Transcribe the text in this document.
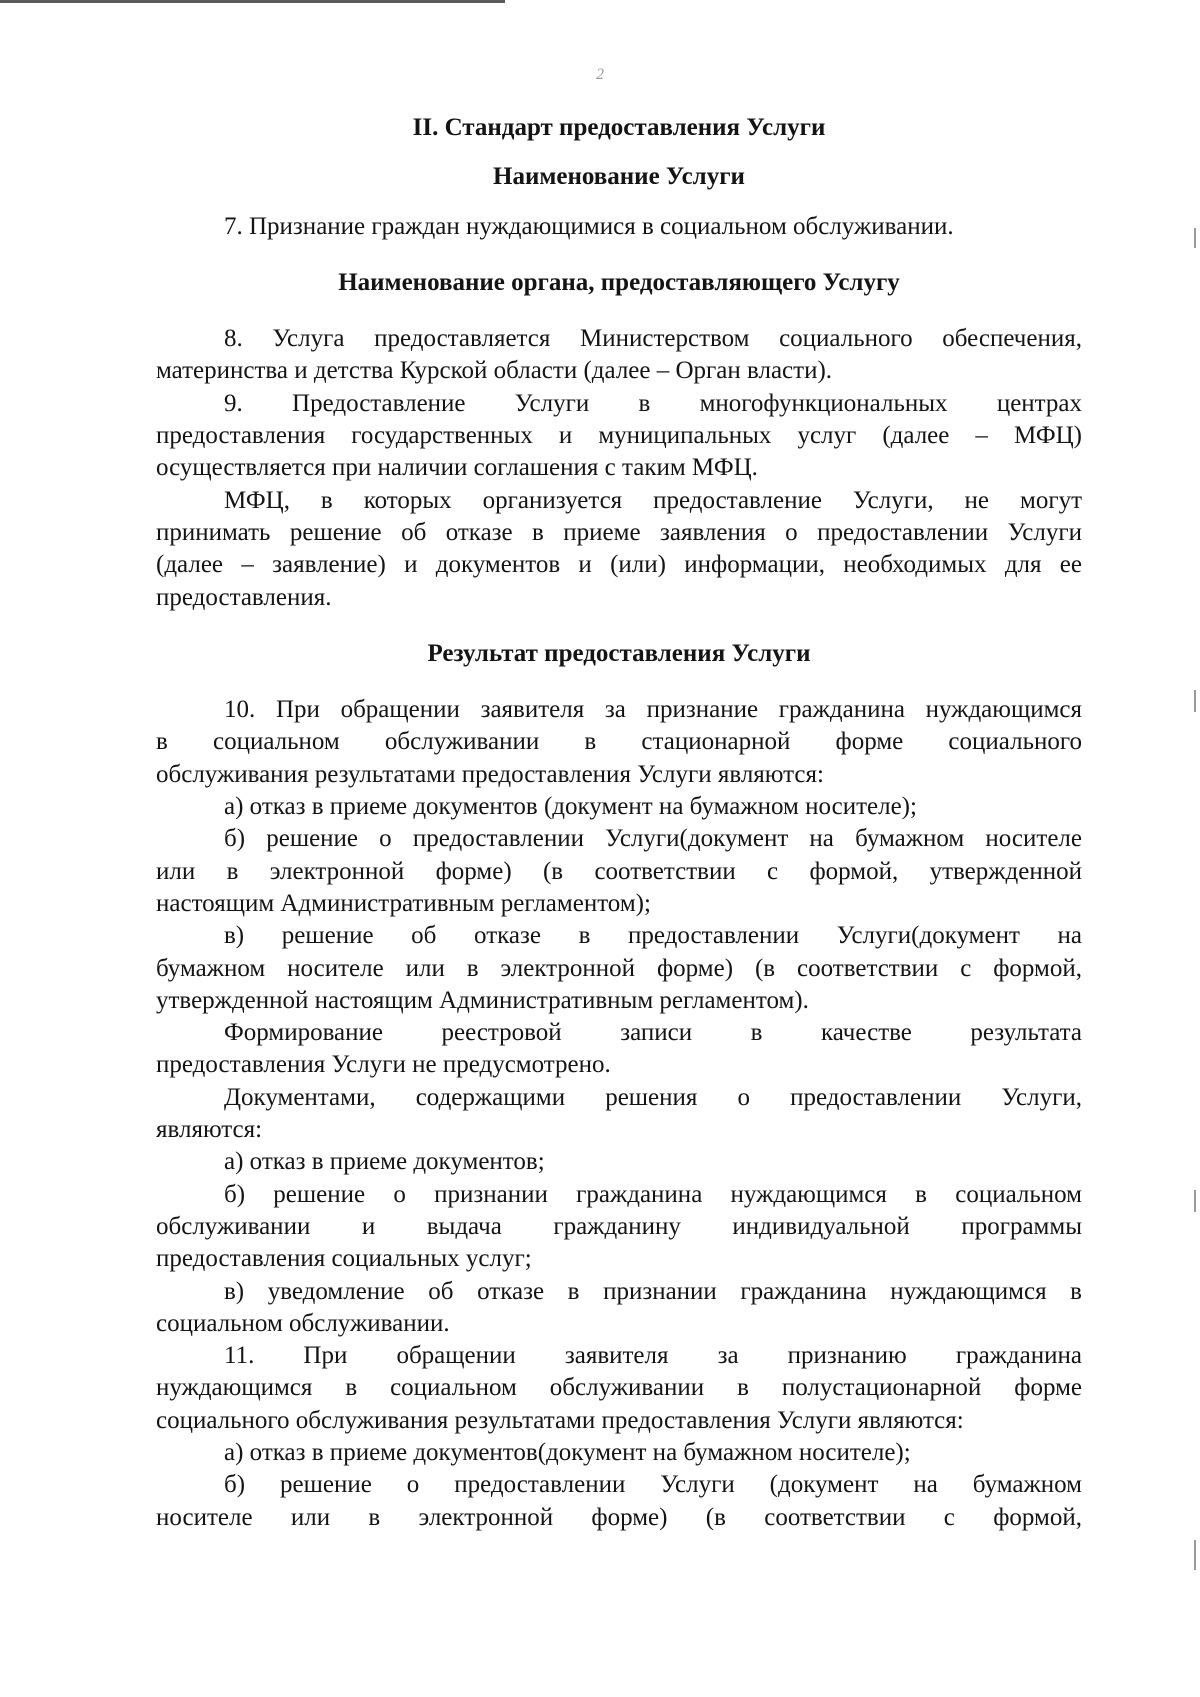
2
II. Стандарт предоставления Услуги
Наименование Услуги
7. Признание граждан нуждающимися в социальном обслуживании.
Наименование органа, предоставляющего Услугу
8. Услуга предоставляется Министерством социального обеспечения,
материнства и детства Курской области (далее – Орган власти).
9. Предоставление Услуги в многофункциональных центрах
предоставления государственных и муниципальных услуг (далее – МФЦ)
осуществляется при наличии соглашения с таким МФЦ.
МФЦ, в которых организуется предоставление Услуги, не могут
принимать решение об отказе в приеме заявления о предоставлении Услуги
(далее – заявление) и документов и (или) информации, необходимых для ее
предоставления.
Результат предоставления Услуги
10. При обращении заявителя за признание гражданина нуждающимся
в социальном обслуживании в стационарной форме социального
обслуживания результатами предоставления Услуги являются:
а) отказ в приеме документов (документ на бумажном носителе);
б) решение о предоставлении Услуги(документ на бумажном носителе
или в электронной форме) (в соответствии с формой, утвержденной
настоящим Административным регламентом);
в) решение об отказе в предоставлении Услуги(документ на
бумажном носителе или в электронной форме) (в соответствии с формой,
утвержденной настоящим Административным регламентом).
Формирование реестровой записи в качестве результата
предоставления Услуги не предусмотрено.
Документами, содержащими решения о предоставлении Услуги,
являются:
а) отказ в приеме документов;
б) решение о признании гражданина нуждающимся в социальном
обслуживании и выдача гражданину индивидуальной программы
предоставления социальных услуг;
в) уведомление об отказе в признании гражданина нуждающимся в
социальном обслуживании.
11. При обращении заявителя за признанию гражданина
нуждающимся в социальном обслуживании в полустационарной форме
социального обслуживания результатами предоставления Услуги являются:
а) отказ в приеме документов(документ на бумажном носителе);
б) решение о предоставлении Услуги (документ на бумажном
носителе или в электронной форме) (в соответствии с формой,
